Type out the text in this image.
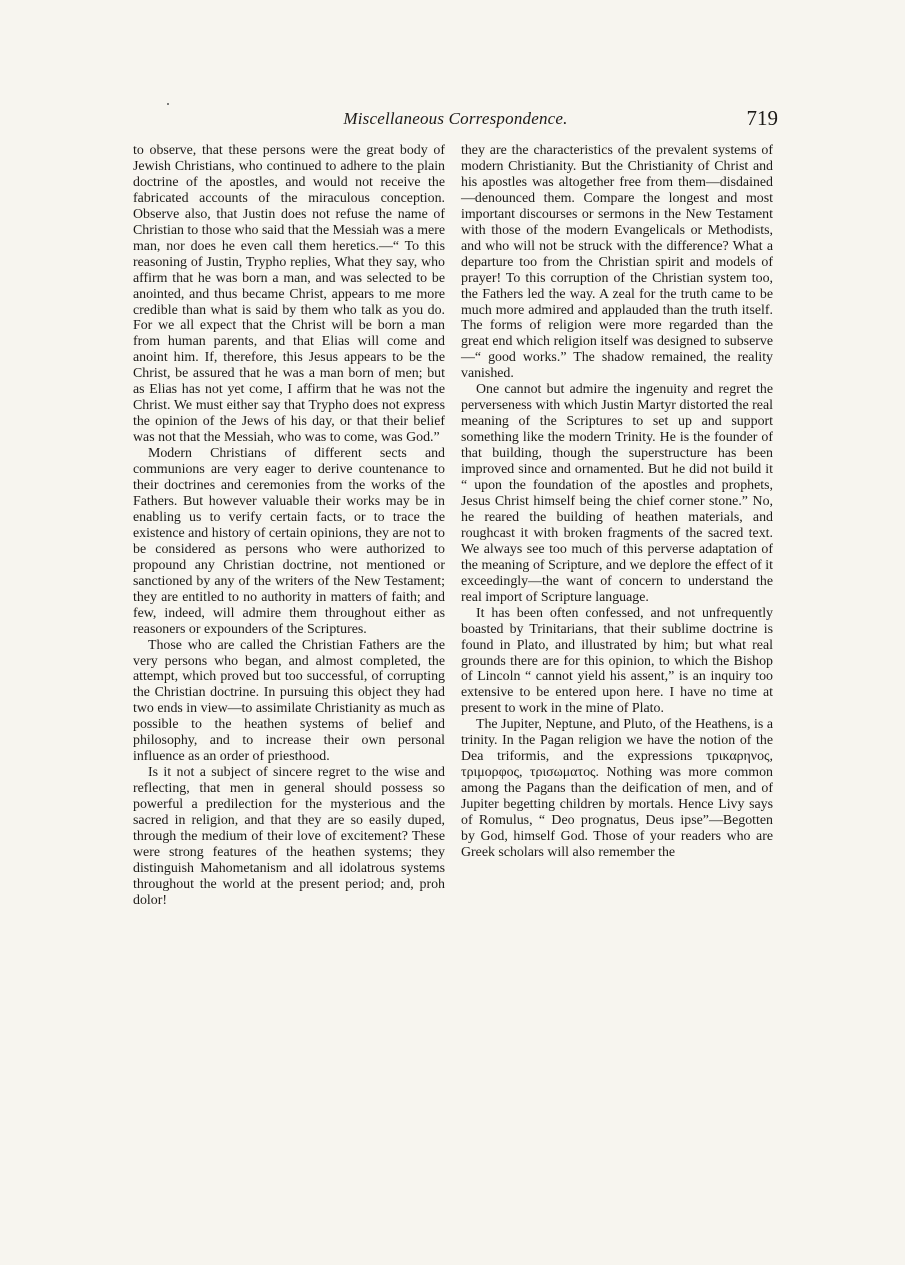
Miscellaneous Correspondence.	719

to observe, that these persons were the great body of Jewish Christians, who continued to adhere to the plain doctrine of the apostles, and would not receive the fabricated accounts of the miraculous conception. Observe also, that Justin does not refuse the name of Christian to those who said that the Messiah was a mere man, nor does he even call them heretics.—“ To this reasoning of Justin, Trypho replies, What they say, who affirm that he was born a man, and was selected to be anointed, and thus became Christ, appears to me more credible than what is said by them who talk as you do. For we all expect that the Christ will be born a man from human parents, and that Elias will come and anoint him. If, therefore, this Jesus appears to be the Christ, be assured that he was a man born of men; but as Elias has not yet come, I affirm that he was not the Christ. We must either say that Trypho does not express the opinion of the Jews of his day, or that their belief was not that the Messiah, who was to come, was God.”

Modern Christians of different sects and communions are very eager to derive countenance to their doctrines and ceremonies from the works of the Fathers. But however valuable their works may be in enabling us to verify certain facts, or to trace the existence and history of certain opinions, they are not to be considered as persons who were authorized to propound any Christian doctrine, not mentioned or sanctioned by any of the writers of the New Testament; they are entitled to no authority in matters of faith; and few, indeed, will admire them throughout either as reasoners or expounders of the Scriptures.

Those who are called the Christian Fathers are the very persons who began, and almost completed, the attempt, which proved but too successful, of corrupting the Christian doctrine. In pursuing this object they had two ends in view—to assimilate Christianity as much as possible to the heathen systems of belief and philosophy, and to increase their own personal influence as an order of priesthood.

Is it not a subject of sincere regret to the wise and reflecting, that men in general should possess so powerful a predilection for the mysterious and the sacred in religion, and that they are so easily duped, through the medium of their love of excitement? These were strong features of the heathen systems; they distinguish Mahometanism and all idolatrous systems throughout the world at the present period; and, proh dolor!

they are the characteristics of the prevalent systems of modern Christianity. But the Christianity of Christ and his apostles was altogether free from them—disdained—denounced them. Compare the longest and most important discourses or sermons in the New Testament with those of the modern Evangelicals or Methodists, and who will not be struck with the difference? What a departure too from the Christian spirit and models of prayer! To this corruption of the Christian system too, the Fathers led the way. A zeal for the truth came to be much more admired and applauded than the truth itself. The forms of religion were more regarded than the great end which religion itself was designed to subserve—“ good works.” The shadow remained, the reality vanished.

One cannot but admire the ingenuity and regret the perverseness with which Justin Martyr distorted the real meaning of the Scriptures to set up and support something like the modern Trinity. He is the founder of that building, though the superstructure has been improved since and ornamented. But he did not build it “ upon the foundation of the apostles and prophets, Jesus Christ himself being the chief corner stone.” No, he reared the building of heathen materials, and roughcast it with broken fragments of the sacred text. We always see too much of this perverse adaptation of the meaning of Scripture, and we deplore the effect of it exceedingly—the want of concern to understand the real import of Scripture language.

It has been often confessed, and not unfrequently boasted by Trinitarians, that their sublime doctrine is found in Plato, and illustrated by him; but what real grounds there are for this opinion, to which the Bishop of Lincoln “ cannot yield his assent,” is an inquiry too extensive to be entered upon here. I have no time at present to work in the mine of Plato.

The Jupiter, Neptune, and Pluto, of the Heathens, is a trinity. In the Pagan religion we have the notion of the Dea triformis, and the expressions τρικαρηνος, τριμορφος, τρισωματος. Nothing was more common among the Pagans than the deification of men, and of Jupiter begetting children by mortals. Hence Livy says of Romulus, “ Deo prognatus, Deus ipse”—Begotten by God, himself God. Those of your readers who are Greek scholars will also remember the
